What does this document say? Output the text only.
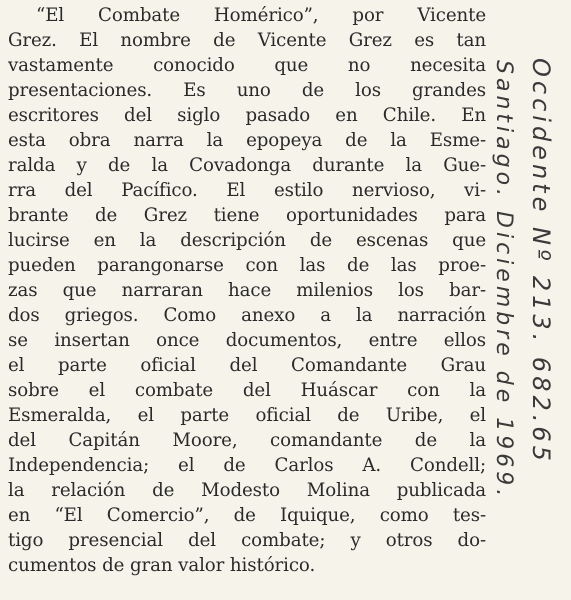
“El Combate Homérico”, por Vicente
Grez. El nombre de Vicente Grez es tan
vastamente conocido que no necesita
presentaciones. Es uno de los grandes
escritores del siglo pasado en Chile. En
esta obra narra la epopeya de la Esme-
ralda y de la Covadonga durante la Gue-
rra del Pacífico. El estilo nervioso, vi-
brante de Grez tiene oportunidades para
lucirse en la descripción de escenas que
pueden parangonarse con las de las proe-
zas que narraran hace milenios los bar-
dos griegos. Como anexo a la narración
se insertan once documentos, entre ellos
el parte oficial del Comandante Grau
sobre el combate del Huáscar con la
Esmeralda, el parte oficial de Uribe, el
del Capitán Moore, comandante de la
Independencia; el de Carlos A. Condell;
la relación de Modesto Molina publicada
en “El Comercio”, de Iquique, como tes-
tigo presencial del combate; y otros do-
cumentos de gran valor histórico.
Occidente Nº 213. 682.65
Santiago. Diciembre de 1969.
